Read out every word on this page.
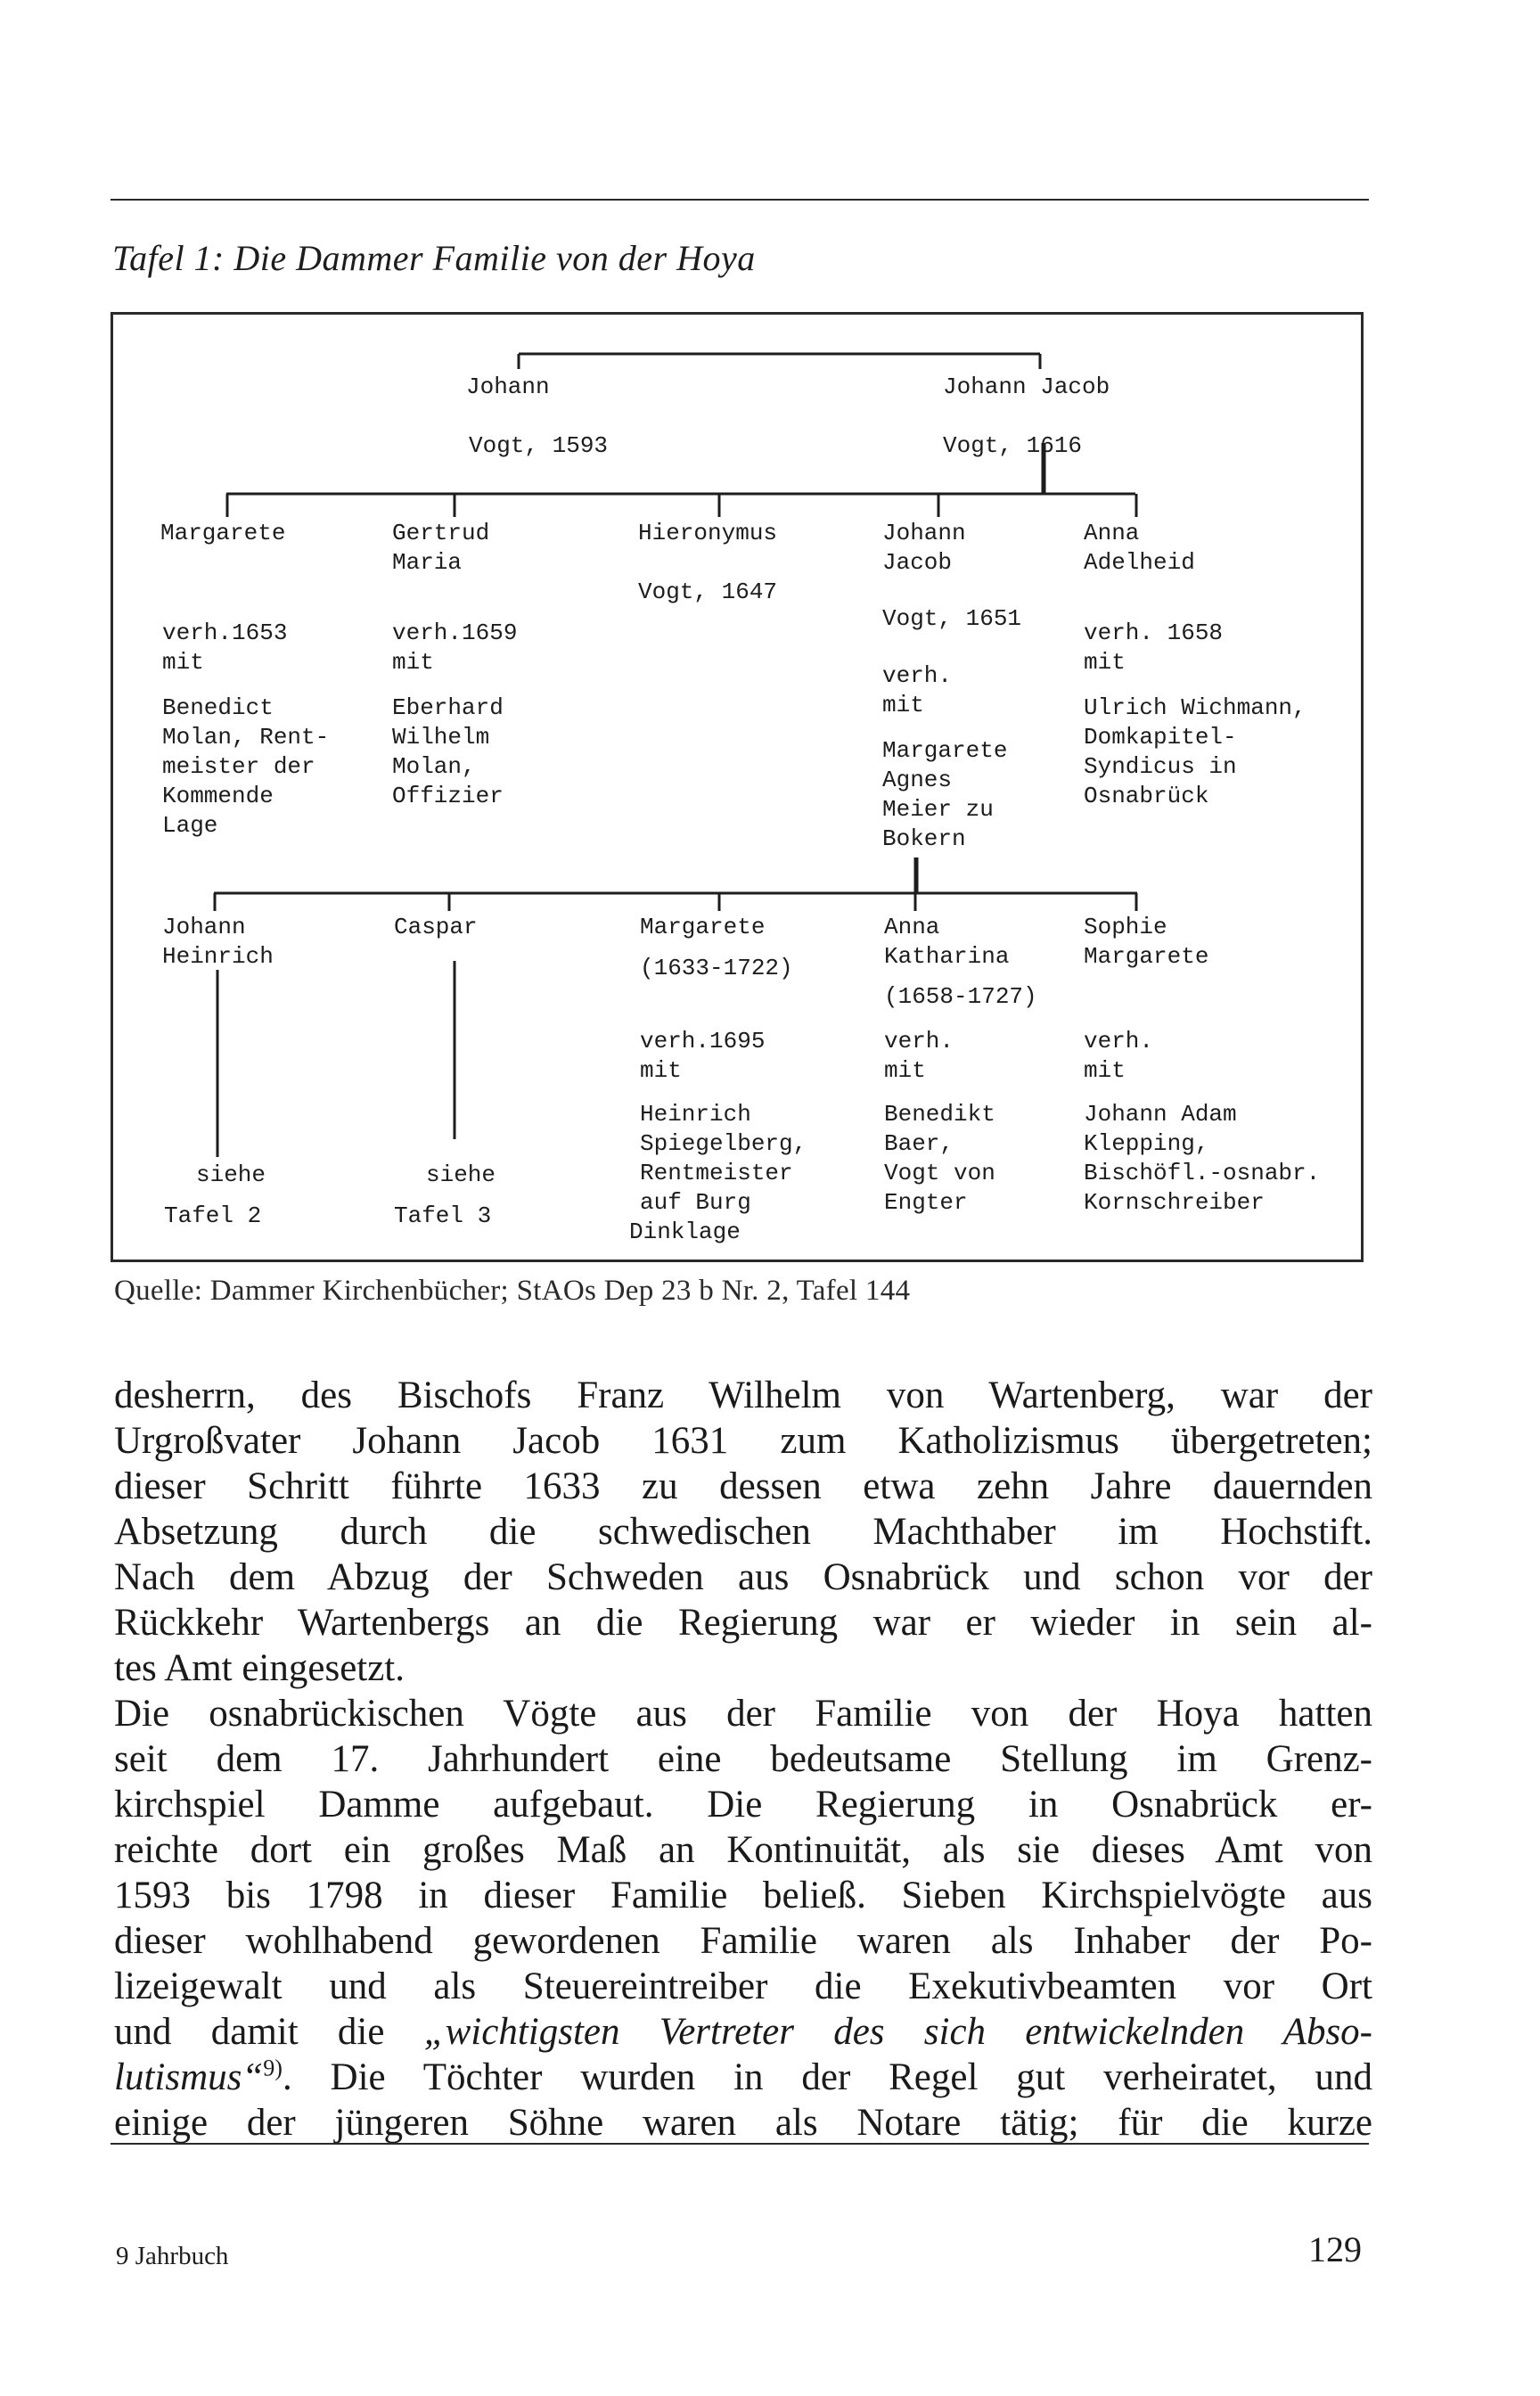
Tafel 1: Die Dammer Familie von der Hoya
Johann
Vogt, 1593
Johann Jacob
Vogt, 1616
Margarete
verh.1653
mit
Benedict
Molan, Rent-
meister der
Kommende
Lage
Gertrud
Maria
verh.1659
mit
Eberhard
Wilhelm
Molan,
Offizier
Hieronymus
Vogt, 1647
Johann
Jacob
Vogt, 1651
verh.
mit
Margarete
Agnes
Meier zu
Bokern
Anna
Adelheid
verh. 1658
mit
Ulrich Wichmann,
Domkapitel-
Syndicus in
Osnabrück
Johann
Heinrich
siehe
Tafel 2
Caspar
siehe
Tafel 3
Margarete
(1633-1722)
verh.1695
mit
Heinrich
Spiegelberg,
Rentmeister
auf Burg
Dinklage
Anna
Katharina
(1658-1727)
verh.
mit
Benedikt
Baer,
Vogt von
Engter
Sophie
Margarete
verh.
mit
Johann Adam
Klepping,
Bischöfl.-osnabr.
Kornschreiber
Quelle: Dammer Kirchenbücher; StAOs Dep 23 b Nr. 2, Tafel 144

desherrn, des Bischofs Franz Wilhelm von Wartenberg, war der
Urgroßvater Johann Jacob 1631 zum Katholizismus übergetreten;
dieser Schritt führte 1633 zu dessen etwa zehn Jahre dauernden
Absetzung durch die schwedischen Machthaber im Hochstift.
Nach dem Abzug der Schweden aus Osnabrück und schon vor der
Rückkehr Wartenbergs an die Regierung war er wieder in sein al-
tes Amt eingesetzt.

Die osnabrückischen Vögte aus der Familie von der Hoya hatten
seit dem 17. Jahrhundert eine bedeutsame Stellung im Grenz-
kirchspiel Damme aufgebaut. Die Regierung in Osnabrück er-
reichte dort ein großes Maß an Kontinuität, als sie dieses Amt von
1593 bis 1798 in dieser Familie beließ. Sieben Kirchspielvögte aus
dieser wohlhabend gewordenen Familie waren als Inhaber der Po-
lizeigewalt und als Steuereintreiber die Exekutivbeamten vor Ort
und damit die „wichtigsten Vertreter des sich entwickelnden Abso-
lutismus“$^{9)}$. Die Töchter wurden in der Regel gut verheiratet, und
einige der jüngeren Söhne waren als Notare tätig; für die kurze

9 Jahrbuch	129
